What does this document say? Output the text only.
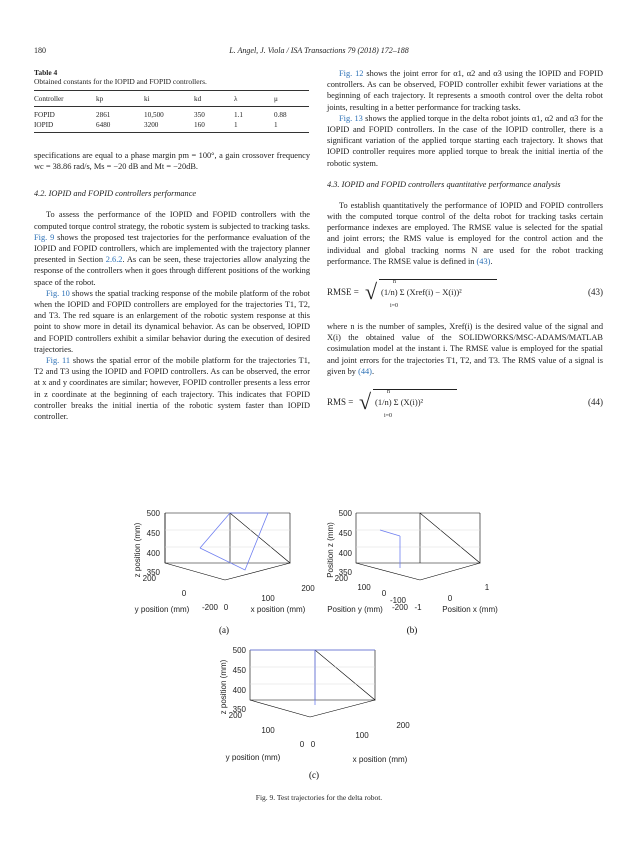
180	L. Angel, J. Viola / ISA Transactions 79 (2018) 172–188
Table 4
Obtained constants for the IOPID and FOPID controllers.
Controller	kp	ki	kd	λ	μ
FOPID	2861	10,500	350	1.1	0.88
IOPID	6480	3200	160	1	1

specifications are equal to a phase margin pm = 100°, a gain crossover frequency wc = 38.86 rad/s, Ms = −20 dB and Mt = −20dB.

4.2. IOPID and FOPID controllers performance

To assess the performance of the IOPID and FOPID controllers with the computed torque control strategy, the robotic system is subjected to tracking tasks. Fig. 9 shows the proposed test trajectories for the performance evaluation of the IOPID and FOPID controllers, which are implemented with the trajectory planner presented in Section 2.6.2. As can be seen, these trajectories allow analyzing the response of the controllers when it goes through different positions of the working space of the robot.

Fig. 10 shows the spatial tracking response of the mobile platform of the robot when the IOPID and FOPID controllers are employed for the trajectories T1, T2, and T3. The red square is an enlargement of the robotic system response at this point to show more in detail its dynamical behavior. As can be observed, IOPID and FOPID controllers exhibit a similar behavior during the execution of desired trajectories.

Fig. 11 shows the spatial error of the mobile platform for the trajectories T1, T2 and T3 using the IOPID and FOPID controllers. As can be observed, the error at x and y coordinates are similar; however, FOPID controller presents a less error in z coordinate at the beginning of each trajectory. This indicates that FOPID controller breaks the initial inertia of the robotic system faster than IOPID controller.

Fig. 12 shows the joint error for α1, α2 and α3 using the IOPID and FOPID controllers. As can be observed, FOPID controller exhibit fewer variations at the beginning of each trajectory. It represents a smooth control over the delta robot joints, resulting in a better performance for tracking tasks.

Fig. 13 shows the applied torque in the delta robot joints α1, α2 and α3 for the IOPID and FOPID controllers. In the case of the IOPID controller, there is a significant variation of the applied torque starting each trajectory. It shows that IOPID controller requires more applied torque to break the initial inertia of the robotic system.

4.3. IOPID and FOPID controllers quantitative performance analysis

To establish quantitatively the performance of IOPID and FOPID controllers with the computed torque control of the delta robot for tracking tasks certain performance indexes are employed. The RMSE value is selected for the spatial and joint errors; the RMS value is employed for the control action and the individual and global tracking norms N are used for the robot tracking performance. The RMSE value is defined in (43).

RMSE = √	n
i=0
(1/n) Σ (Xref(i) − X(i))²	(43)

where n is the number of samples, Xref(i) is the desired value of the signal and X(i) the obtained value of the SOLIDWORKS/MSC-ADAMS/MATLAB cosimulation model at the instant i. The RMSE value is employed for the spatial and joint errors for the trajectories T1, T2, and T3. The RMS value of a signal is given by (44).

RMS = √	n
i=0
(1/n) Σ (X(i))²	(44)
500
450
400
350
200
0
-200 0
100
200
z position (mm)
y position (mm)	x position (mm)
(a)
500
450
400
350
200
100
0
-100
-200 -1
0
1
Position z (mm)
Position y (mm)	Position x (mm)
(b)
500
450
400
350
200
100
0 0
100
200
z position (mm)
y position (mm)	x position (mm)
(c)
Fig. 9. Test trajectories for the delta robot.
